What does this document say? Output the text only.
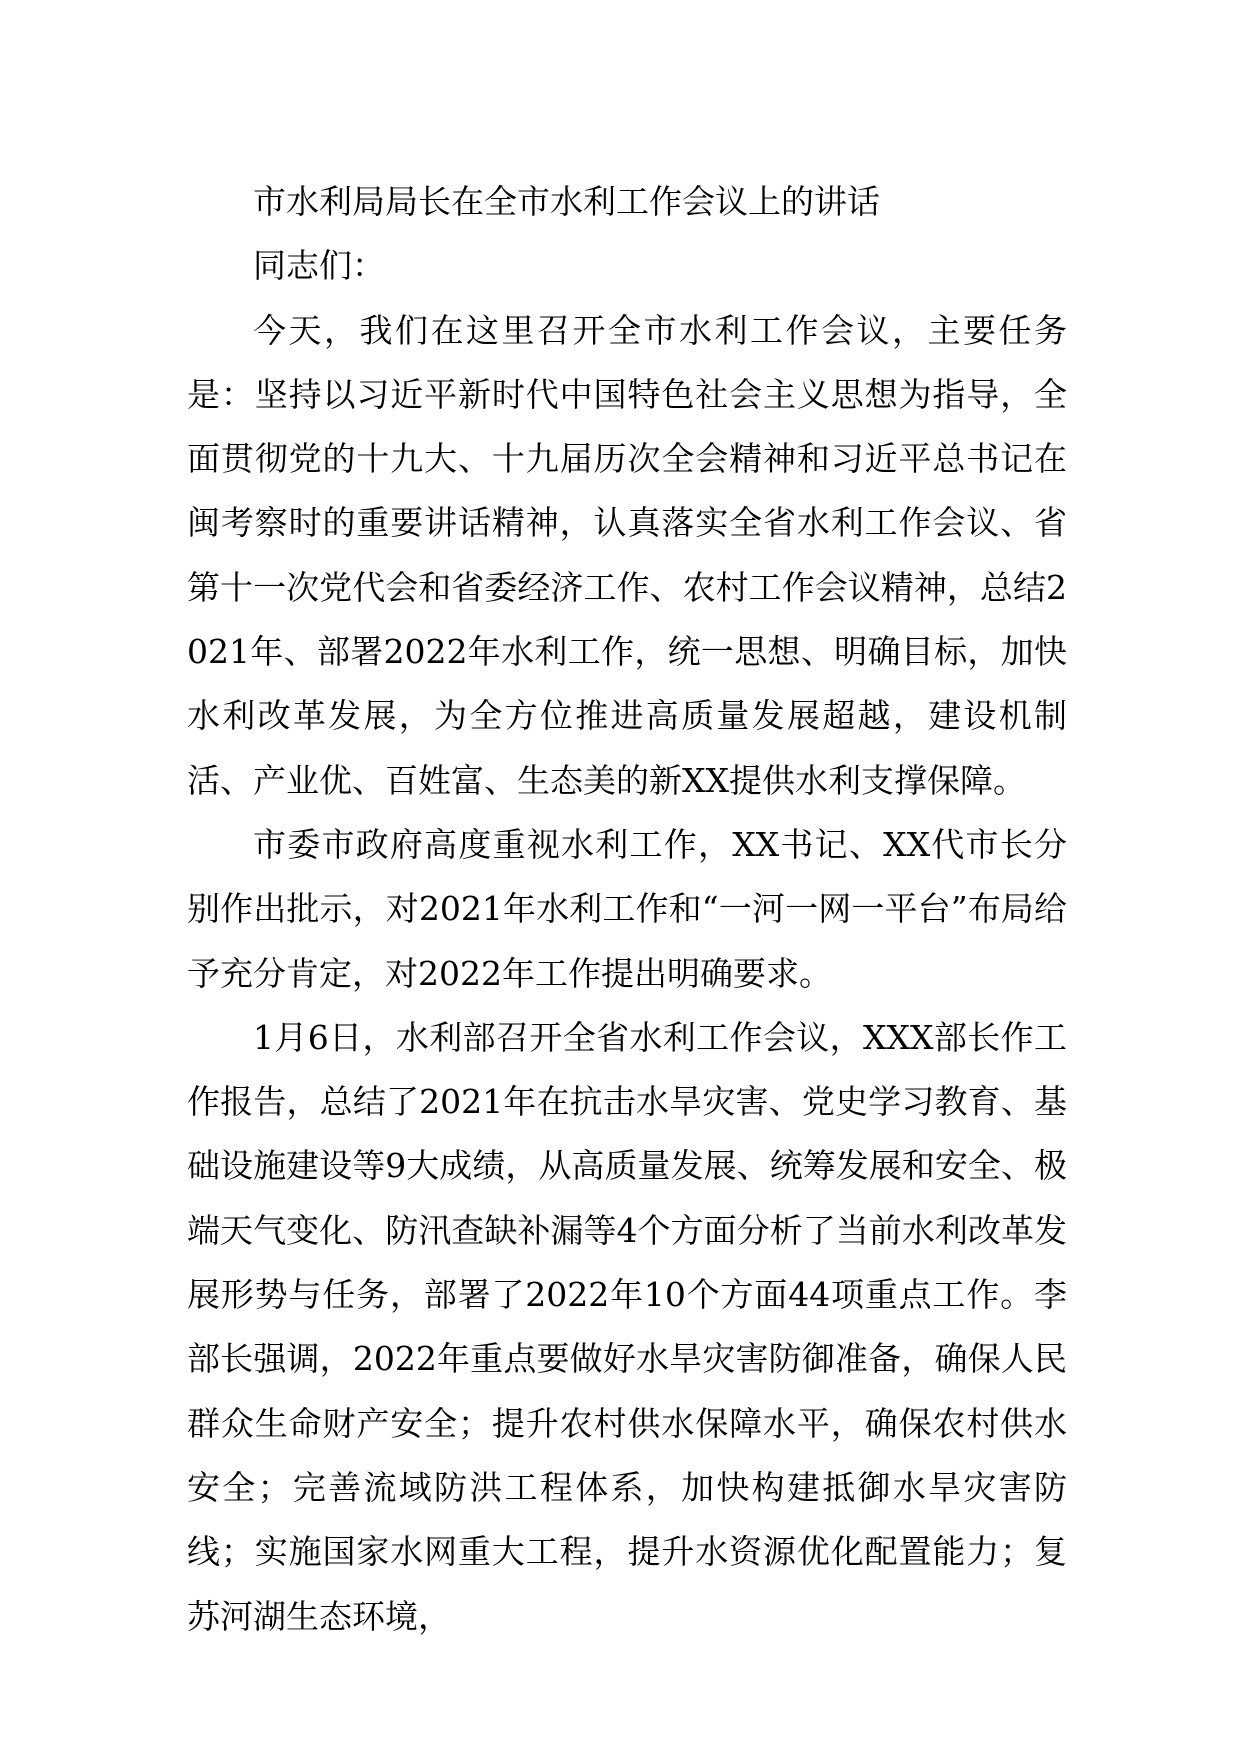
市水利局局长在全市水利工作会议上的讲话

同志们：

今天，我们在这里召开全市水利工作会议，主要任务是：坚持以习近平新时代中国特色社会主义思想为指导，全面贯彻党的十九大、十九届历次全会精神和习近平总书记在闽考察时的重要讲话精神，认真落实全省水利工作会议、省第十一次党代会和省委经济工作、农村工作会议精神，总结2021年、部署2022年水利工作，统一思想、明确目标，加快水利改革发展，为全方位推进高质量发展超越，建设机制活、产业优、百姓富、生态美的新XX提供水利支撑保障。

市委市政府高度重视水利工作，XX书记、XX代市长分别作出批示，对2021年水利工作和“一河一网一平台”布局给予充分肯定，对2022年工作提出明确要求。

1月6日，水利部召开全省水利工作会议，XXX部长作工作报告，总结了2021年在抗击水旱灾害、党史学习教育、基础设施建设等9大成绩，从高质量发展、统筹发展和安全、极端天气变化、防汛查缺补漏等4个方面分析了当前水利改革发展形势与任务，部署了2022年10个方面44项重点工作。李部长强调，2022年重点要做好水旱灾害防御准备，确保人民群众生命财产安全；提升农村供水保障水平，确保农村供水安全；完善流域防洪工程体系，加快构建抵御水旱灾害防线；实施国家水网重大工程，提升水资源优化配置能力；复苏河湖生态环境，
